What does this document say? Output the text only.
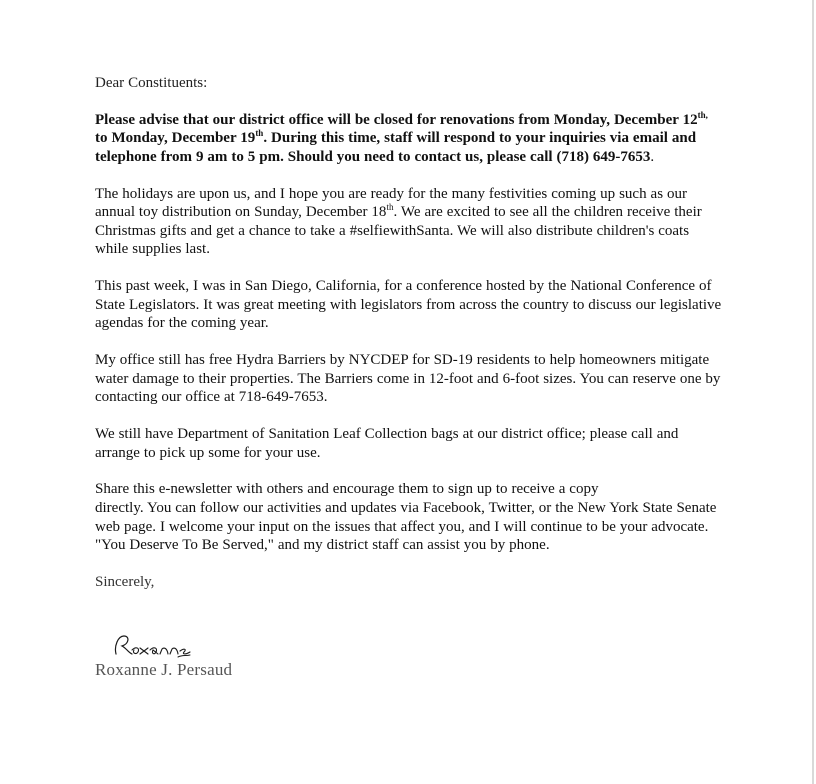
Dear Constituents:

Please advise that our district office will be closed for renovations from Monday, December $12^{th,}$ to Monday, December 19th. During this time, staff will respond to your inquiries via email and telephone from 9 am to 5 pm. Should you need to contact us, please call (718) 649-7653.

The holidays are upon us, and I hope you are ready for the many festivities coming up such as our annual toy distribution on Sunday, December 18th. We are excited to see all the children receive their Christmas gifts and get a chance to take a #selfiewithSanta. We will also distribute children's coats while supplies last.

This past week, I was in San Diego, California, for a conference hosted by the National Conference of State Legislators. It was great meeting with legislators from across the country to discuss our legislative agendas for the coming year.

My office still has free Hydra Barriers by NYCDEP for SD-19 residents to help homeowners mitigate water damage to their properties. The Barriers come in 12-foot and 6-foot sizes. You can reserve one by contacting our office at 718-649-7653.

We still have Department of Sanitation Leaf Collection bags at our district office; please call and arrange to pick up some for your use.

Share this e-newsletter with others and encourage them to sign up to receive a copy
directly. You can follow our activities and updates via Facebook, Twitter, or the New York State Senate web page. I welcome your input on the issues that affect you, and I will continue to be your advocate. "You Deserve To Be Served," and my district staff can assist you by phone.

Sincerely,

Roxanne J. Persaud
